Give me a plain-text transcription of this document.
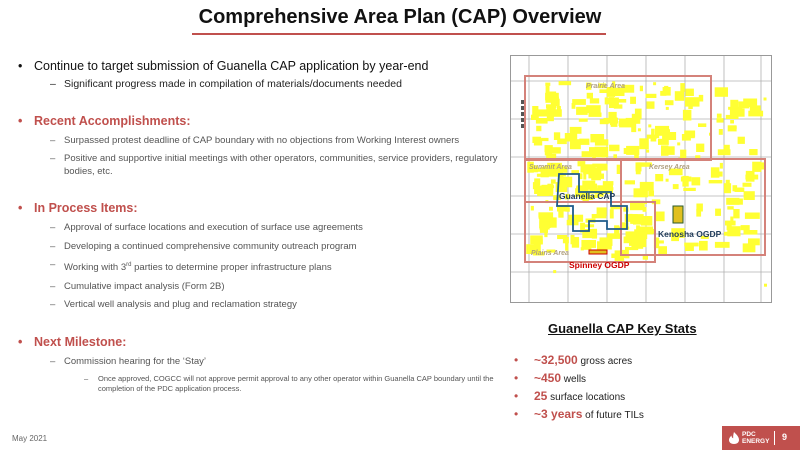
Comprehensive Area Plan (CAP) Overview
• Continue to target submission of Guanella CAP application by year-end
– Significant progress made in compilation of materials/documents needed
• Recent Accomplishments:
– Surpassed protest deadline of CAP boundary with no objections from Working Interest owners
– Positive and supportive initial meetings with other operators, communities, service providers, regulatory bodies, etc.
• In Process Items:
– Approval of surface locations and execution of surface use agreements
– Developing a continued comprehensive community outreach program
– Working with 3rd parties to determine proper infrastructure plans
– Cumulative impact analysis (Form 2B)
– Vertical well analysis and plug and reclamation strategy
• Next Milestone:
– Commission hearing for the ‘Stay’
– Once approved, COGCC will not approve permit approval to any other operator within Guanella CAP boundary until the completion of the PDC application process.
Prairie Area
Summit Area	Kersey Area
Plains Area
Guanella CAP
Kenosha OGDP
Spinney OGDP
Guanella CAP Key Stats
• ~32,500 gross acres
• ~450 wells
• 25 surface locations
• ~3 years of future TILs
May 2021	PDC
ENERGY 9
